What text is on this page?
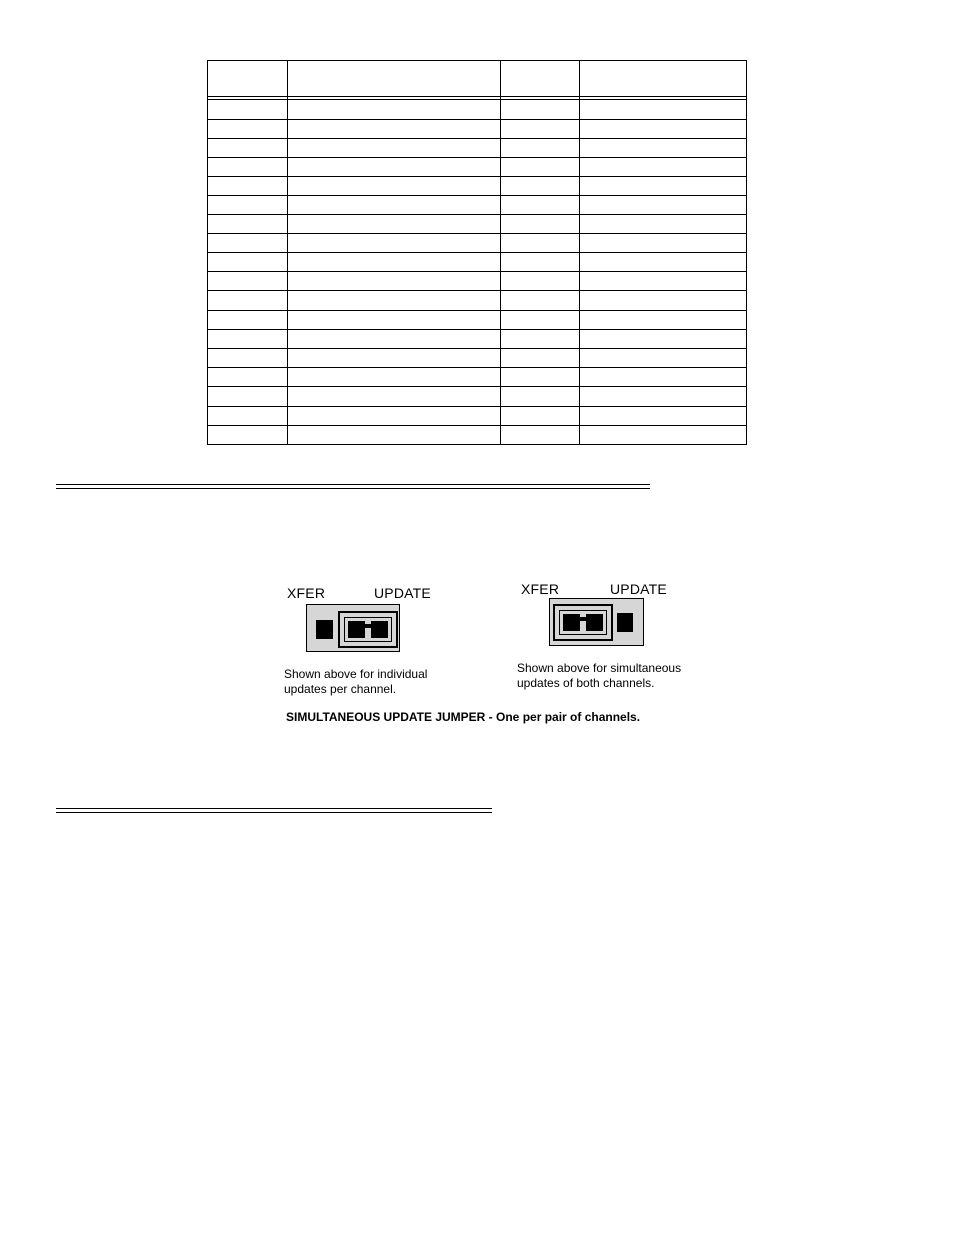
XFER	UPDATE
Shown above for individual
updates per channel.
XFER	UPDATE
Shown above for simultaneous
updates of both channels.
SIMULTANEOUS UPDATE JUMPER - One per pair of channels.
